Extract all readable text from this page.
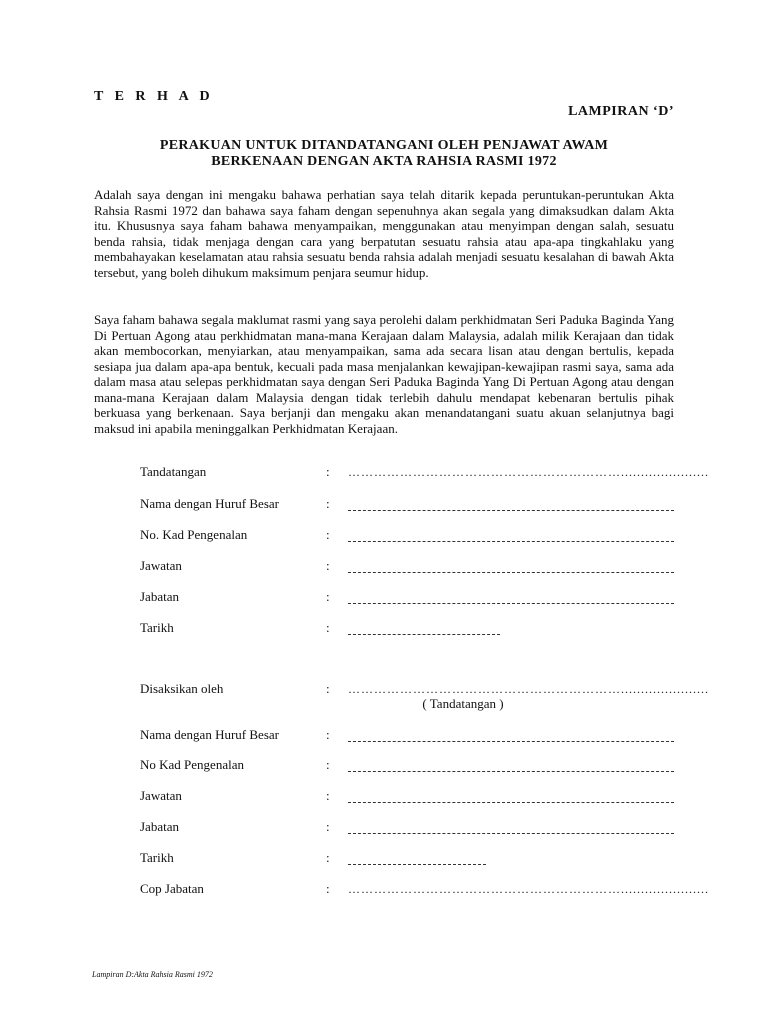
T E R H A D
LAMPIRAN ‘D’
PERAKUAN UNTUK DITANDATANGANI OLEH PENJAWAT AWAM
BERKENAAN DENGAN AKTA RAHSIA RASMI 1972
Adalah saya dengan ini mengaku bahawa perhatian saya telah ditarik kepada peruntukan-peruntukan Akta Rahsia Rasmi 1972 dan bahawa saya faham dengan sepenuhnya akan segala yang dimaksudkan dalam Akta itu. Khususnya saya faham bahawa menyampaikan, menggunakan atau menyimpan dengan salah, sesuatu benda rahsia, tidak menjaga dengan cara yang berpatutan sesuatu rahsia atau apa-apa tingkahlaku yang membahayakan keselamatan atau rahsia sesuatu benda rahsia adalah menjadi sesuatu kesalahan di bawah Akta tersebut, yang boleh dihukum maksimum penjara seumur hidup.
Saya faham bahawa segala maklumat rasmi yang saya perolehi dalam perkhidmatan Seri Paduka Baginda Yang Di Pertuan Agong atau perkhidmatan mana-mana Kerajaan dalam Malaysia, adalah milik Kerajaan dan tidak akan membocorkan, menyiarkan, atau menyampaikan, sama ada secara lisan atau dengan bertulis, kepada sesiapa jua dalam apa-apa bentuk, kecuali pada masa menjalankan kewajipan-kewajipan rasmi saya, sama ada dalam masa atau selepas perkhidmatan saya dengan Seri Paduka Baginda Yang Di Pertuan Agong atau dengan mana-mana Kerajaan dalam Malaysia dengan tidak terlebih dahulu mendapat kebenaran bertulis pihak berkuasa yang berkenaan. Saya berjanji dan mengaku akan menandatangani suatu akuan selanjutnya bagi maksud ini apabila meninggalkan Perkhidmatan Kerajaan.
Tandatangan	: ………………………………………………………......................
Nama dengan Huruf Besar	:
No. Kad Pengenalan	:
Jawatan	:
Jabatan	:
Tarikh	:
Disaksikan oleh	: ………………………………………………………......................
( Tandatangan )
Nama dengan Huruf Besar	:
No Kad Pengenalan	:
Jawatan	:
Jabatan	:
Tarikh	:
Cop Jabatan	: ………………………………………………………......................
Lampiran D:Akta Rahsia Rasmi 1972
